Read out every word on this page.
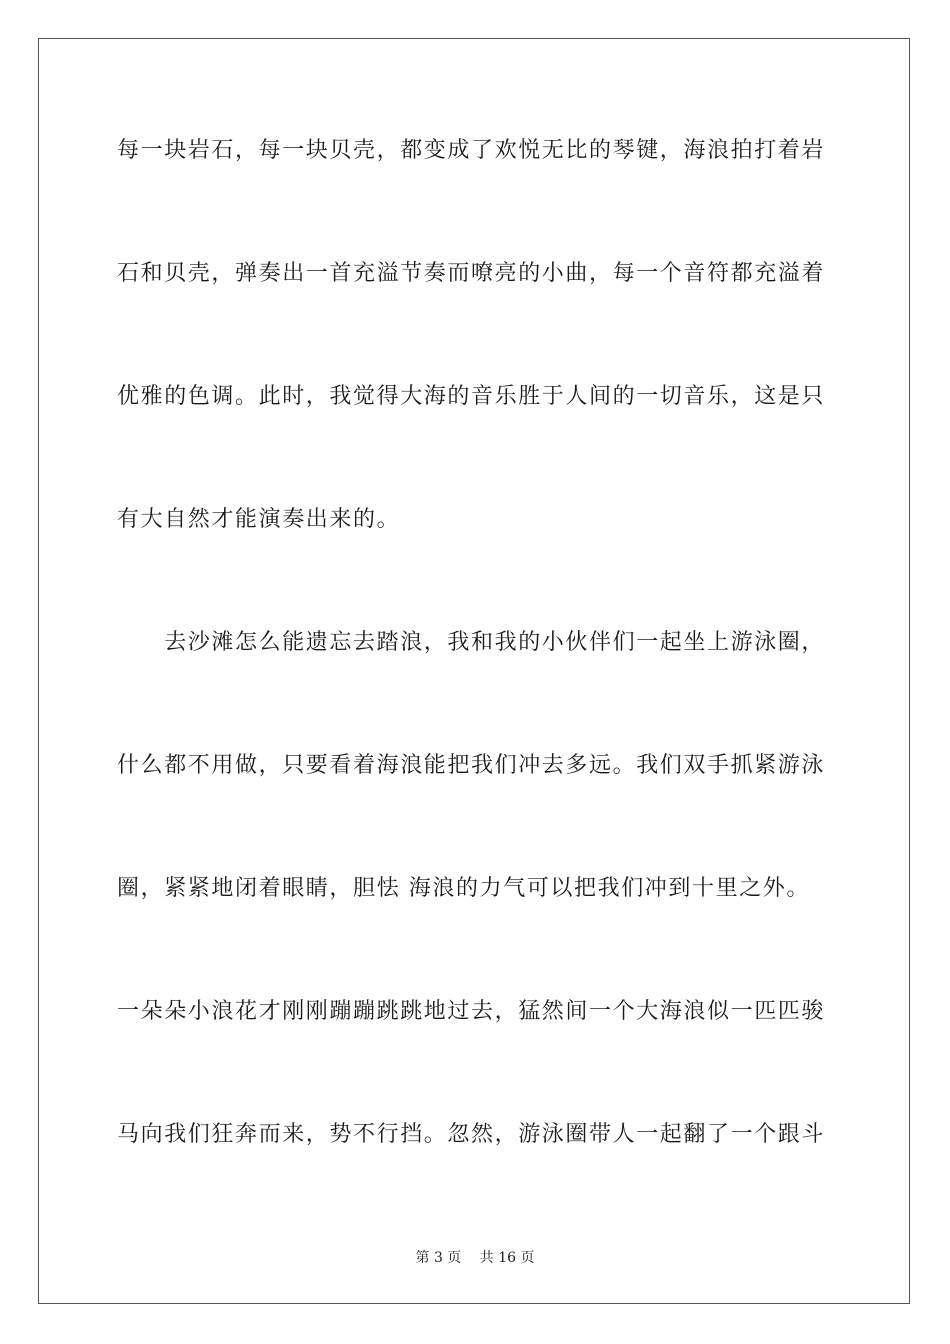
每一块岩石，每一块贝壳，都变成了欢悦无比的琴键，海浪拍打着岩
石和贝壳，弹奏出一首充溢节奏而嘹亮的小曲，每一个音符都充溢着
优雅的色调。此时，我觉得大海的音乐胜于人间的一切音乐，这是只
有大自然才能演奏出来的。
　　去沙滩怎么能遗忘去踏浪，我和我的小伙伴们一起坐上游泳圈，
什么都不用做，只要看着海浪能把我们冲去多远。我们双手抓紧游泳
圈，紧紧地闭着眼睛，胆怯 海浪的力气可以把我们冲到十里之外。
一朵朵小浪花才刚刚蹦蹦跳跳地过去，猛然间一个大海浪似一匹匹骏
马向我们狂奔而来，势不行挡。忽然，游泳圈带人一起翻了一个跟斗
第 3 页　 共 16 页
